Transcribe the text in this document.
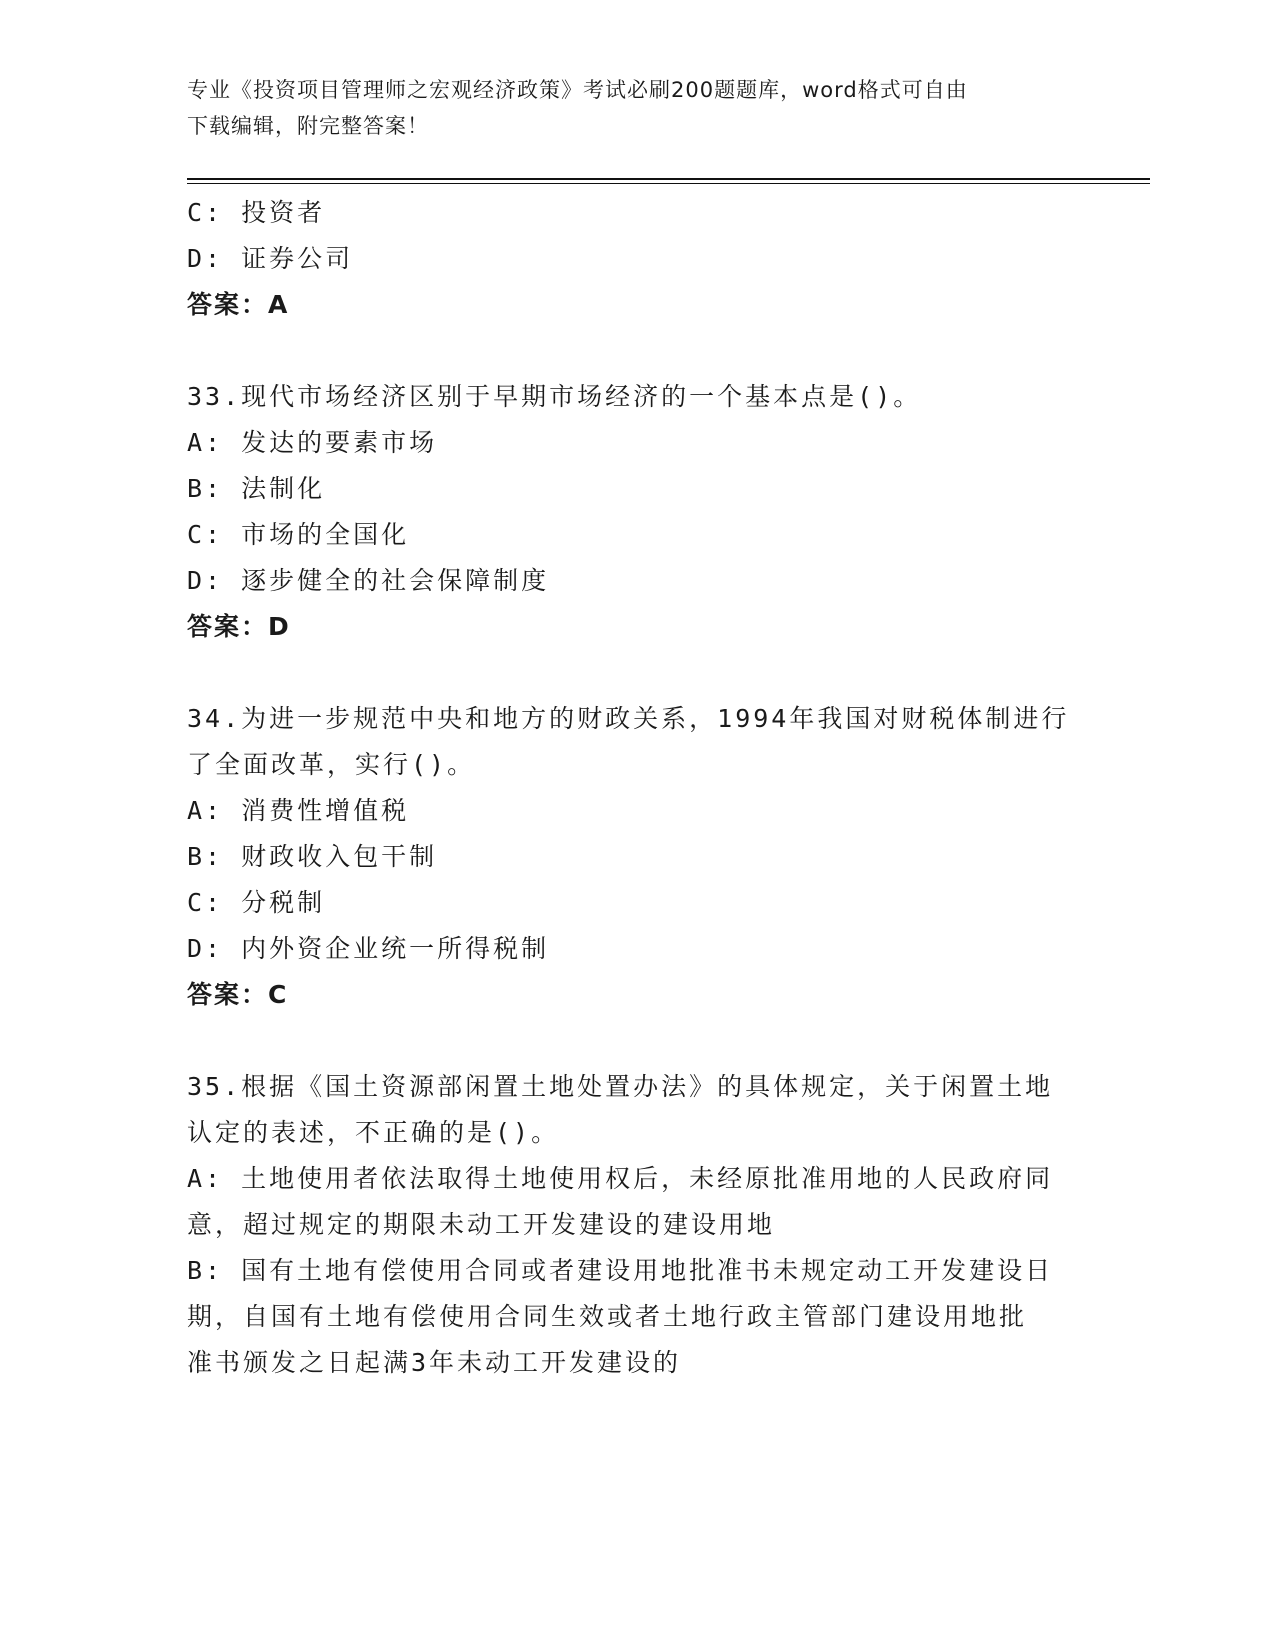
专业《投资项目管理师之宏观经济政策》考试必刷200题题库，word格式可自由
下载编辑，附完整答案！
C: 投资者
D: 证券公司
答案：A
33.现代市场经济区别于早期市场经济的一个基本点是()。
A: 发达的要素市场
B: 法制化
C: 市场的全国化
D: 逐步健全的社会保障制度
答案：D
34.为进一步规范中央和地方的财政关系，1994年我国对财税体制进行
了全面改革，实行()。
A: 消费性增值税
B: 财政收入包干制
C: 分税制
D: 内外资企业统一所得税制
答案：C
35.根据《国土资源部闲置土地处置办法》的具体规定，关于闲置土地
认定的表述，不正确的是()。
A: 土地使用者依法取得土地使用权后，未经原批准用地的人民政府同
意，超过规定的期限未动工开发建设的建设用地
B: 国有土地有偿使用合同或者建设用地批准书未规定动工开发建设日
期，自国有土地有偿使用合同生效或者土地行政主管部门建设用地批
准书颁发之日起满3年未动工开发建设的
